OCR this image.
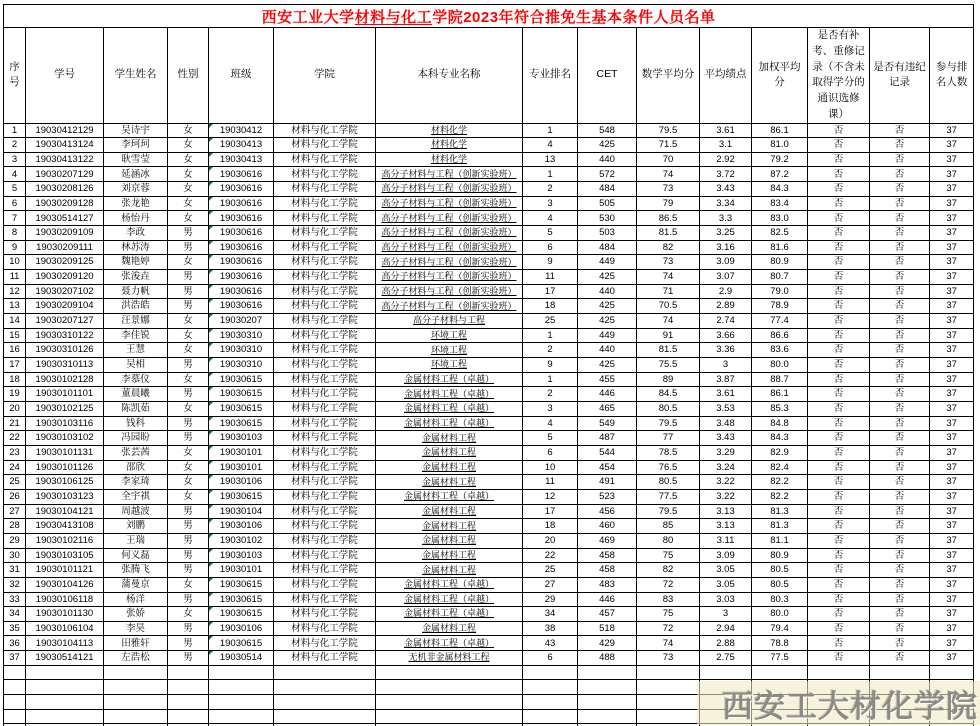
西安工业大学材料与化工学院2023年符合推免生基本条件人员名单														
序号	学号	学生姓名	性别	班级	学院	本科专业名称	专业排名	CET	数学平均分	平均绩点	加权平均分	是否有补考、重修记录（不含未取得学分的通识选修课）	是否有违纪记录	参与排名人数
1	19030412129	吴诗宇	女	19030412	材料与化工学院	材料化学	1	548	79.5	3.61	86.1	否	否	37
2	19030413124	李珂珂	女	19030413	材料与化工学院	材料化学	4	425	71.5	3.1	81.0	否	否	37
3	19030413122	耿雪莹	女	19030413	材料与化工学院	材料化学	13	440	70	2.92	79.2	否	否	37
4	19030207129	延涵冰	女	19030616	材料与化工学院	高分子材料与工程（创新实验班）	1	572	74	3.72	87.2	否	否	37
5	19030208126	刘京蓉	女	19030616	材料与化工学院	高分子材料与工程（创新实验班）	2	484	73	3.43	84.3	否	否	37
6	19030209128	张龙艳	女	19030616	材料与化工学院	高分子材料与工程（创新实验班）	3	505	79	3.34	83.4	否	否	37
7	19030514127	杨怡丹	女	19030616	材料与化工学院	高分子材料与工程（创新实验班）	4	530	86.5	3.3	83.0	否	否	37
8	19030209109	李政	男	19030616	材料与化工学院	高分子材料与工程（创新实验班）	5	503	81.5	3.25	82.5	否	否	37
9	19030209111	林苏涛	男	19030616	材料与化工学院	高分子材料与工程（创新实验班）	6	484	82	3.16	81.6	否	否	37
10	19030209125	魏艳婷	女	19030616	材料与化工学院	高分子材料与工程（创新实验班）	9	449	73	3.09	80.9	否	否	37
11	19030209120	张浚垚	男	19030616	材料与化工学院	高分子材料与工程（创新实验班）	11	425	74	3.07	80.7	否	否	37
12	19030207102	聂力帆	男	19030616	材料与化工学院	高分子材料与工程（创新实验班）	17	440	71	2.9	79.0	否	否	37
13	19030209104	洪浩皓	男	19030616	材料与化工学院	高分子材料与工程（创新实验班）	18	425	70.5	2.89	78.9	否	否	37
14	19030207127	汪景娜	女	19030207	材料与化工学院	高分子材料与工程	25	425	74	2.74	77.4	否	否	37
15	19030310122	李佳锐	女	19030310	材料与化工学院	环境工程	1	449	91	3.66	86.6	否	否	37
16	19030310126	王慧	女	19030310	材料与化工学院	环境工程	2	440	81.5	3.36	83.6	否	否	37
17	19030310113	吴相	男	19030310	材料与化工学院	环境工程	9	425	75.5	3	80.0	否	否	37
18	19030102128	李慕仪	女	19030615	材料与化工学院	金属材料工程（卓越）	1	455	89	3.87	88.7	否	否	37
19	19030101101	董晨曦	男	19030615	材料与化工学院	金属材料工程（卓越）	2	446	84.5	3.61	86.1	否	否	37
20	19030102125	陈凯茹	女	19030615	材料与化工学院	金属材料工程（卓越）	3	465	80.5	3.53	85.3	否	否	37
21	19030103116	钱科	男	19030615	材料与化工学院	金属材料工程（卓越）	4	549	79.5	3.48	84.8	否	否	37
22	19030103102	冯园盼	男	19030103	材料与化工学院	金属材料工程	5	487	77	3.43	84.3	否	否	37
23	19030101131	张芸茜	女	19030101	材料与化工学院	金属材料工程	6	544	78.5	3.29	82.9	否	否	37
24	19030101126	邵欣	女	19030101	材料与化工学院	金属材料工程	10	454	76.5	3.24	82.4	否	否	37
25	19030106125	李家琦	女	19030106	材料与化工学院	金属材料工程	11	491	80.5	3.22	82.2	否	否	37
26	19030103123	全宇祺	女	19030615	材料与化工学院	金属材料工程（卓越）	12	523	77.5	3.22	82.2	否	否	37
27	19030104121	周越波	男	19030104	材料与化工学院	金属材料工程	17	456	79.5	3.13	81.3	否	否	37
28	19030413108	刘鹏	男	19030106	材料与化工学院	金属材料工程	18	460	85	3.13	81.3	否	否	37
29	19030102116	王瑞	男	19030102	材料与化工学院	金属材料工程	20	469	80	3.11	81.1	否	否	37
30	19030103105	何义磊	男	19030103	材料与化工学院	金属材料工程	22	458	75	3.09	80.9	否	否	37
31	19030101121	张腾飞	男	19030101	材料与化工学院	金属材料工程	25	458	82	3.05	80.5	否	否	37
32	19030104126	蒲曼京	女	19030615	材料与化工学院	金属材料工程（卓越）	27	483	72	3.05	80.5	否	否	37
33	19030106118	杨洋	男	19030615	材料与化工学院	金属材料工程（卓越）	29	446	83	3.03	80.3	否	否	37
34	19030101130	张娇	女	19030615	材料与化工学院	金属材料工程（卓越）	34	457	75	3	80.0	否	否	37
35	19030106104	李昊	男	19030106	材料与化工学院	金属材料工程	38	518	72	2.94	79.4	否	否	37
36	19030104113	田雅轩	男	19030615	材料与化工学院	金属材料工程（卓越）	43	429	74	2.88	78.8	否	否	37
37	19030514121	左浩松	男	19030514	材料与化工学院	无机非金属材料工程	6	488	73	2.75	77.5	否	否	37

西安工大材化学院
